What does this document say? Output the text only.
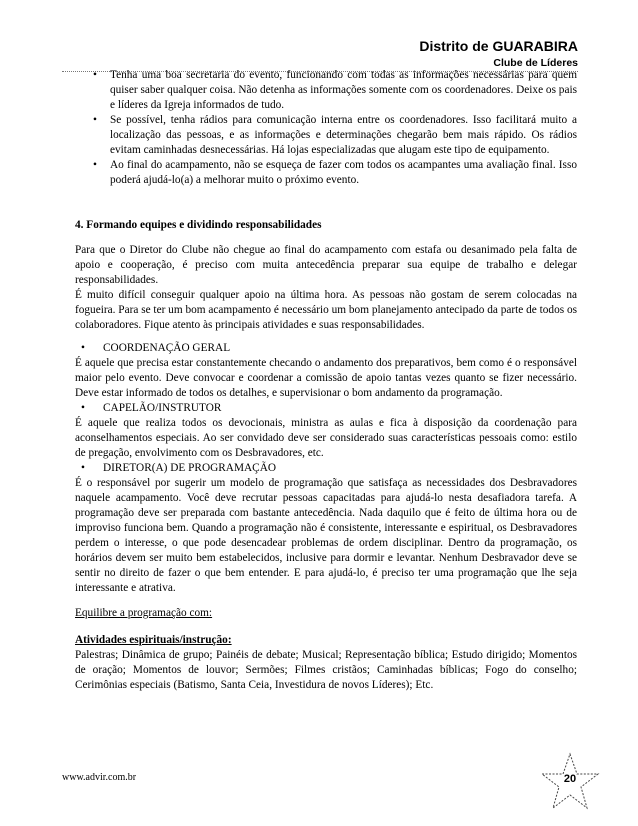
Distrito de GUARABIRA
Clube de Líderes
• Tenha uma boa secretaria do evento, funcionando com todas as informações necessárias para quem quiser saber qualquer coisa. Não detenha as informações somente com os coordenadores. Deixe os pais e líderes da Igreja informados de tudo.
• Se possível, tenha rádios para comunicação interna entre os coordenadores. Isso facilitará muito a localização das pessoas, e as informações e determinações chegarão bem mais rápido. Os rádios evitam caminhadas desnecessárias. Há lojas especializadas que alugam este tipo de equipamento.
• Ao final do acampamento, não se esqueça de fazer com todos os acampantes uma avaliação final. Isso poderá ajudá-lo(a) a melhorar muito o próximo evento.
4. Formando equipes e dividindo responsabilidades

Para que o Diretor do Clube não chegue ao final do acampamento com estafa ou desanimado pela falta de apoio e cooperação, é preciso com muita antecedência preparar sua equipe de trabalho e delegar responsabilidades.

É muito difícil conseguir qualquer apoio na última hora. As pessoas não gostam de serem colocadas na fogueira. Para se ter um bom acampamento é necessário um bom planejamento antecipado da parte de todos os colaboradores. Fique atento às principais atividades e suas responsabilidades.

• COORDENAÇÃO GERAL

É aquele que precisa estar constantemente checando o andamento dos preparativos, bem como é o responsável maior pelo evento. Deve convocar e coordenar a comissão de apoio tantas vezes quanto se fizer necessário. Deve estar informado de todos os detalhes, e supervisionar o bom andamento da programação.

• CAPELÃO/INSTRUTOR

É aquele que realiza todos os devocionais, ministra as aulas e fica à disposição da coordenação para aconselhamentos especiais. Ao ser convidado deve ser considerado suas características pessoais como: estilo de pregação, envolvimento com os Desbravadores, etc.

• DIRETOR(A) DE PROGRAMAÇÃO

É o responsável por sugerir um modelo de programação que satisfaça as necessidades dos Desbravadores naquele acampamento. Você deve recrutar pessoas capacitadas para ajudá-lo nesta desafiadora tarefa. A programação deve ser preparada com bastante antecedência. Nada daquilo que é feito de última hora ou de improviso funciona bem. Quando a programação não é consistente, interessante e espiritual, os Desbravadores perdem o interesse, o que pode desencadear problemas de ordem disciplinar. Dentro da programação, os horários devem ser muito bem estabelecidos, inclusive para dormir e levantar. Nenhum Desbravador deve se sentir no direito de fazer o que bem entender. E para ajudá-lo, é preciso ter uma programação que lhe seja interessante e atrativa.

Equilibre a programação com:

Atividades espirituais/instrução:

Palestras; Dinâmica de grupo; Painéis de debate; Musical; Representação bíblica; Estudo dirigido; Momentos de oração; Momentos de louvor; Sermões; Filmes cristãos; Caminhadas bíblicas; Fogo do conselho; Cerimônias especiais (Batismo, Santa Ceia, Investidura de novos Líderes); Etc.

www.advir.com.br	20
